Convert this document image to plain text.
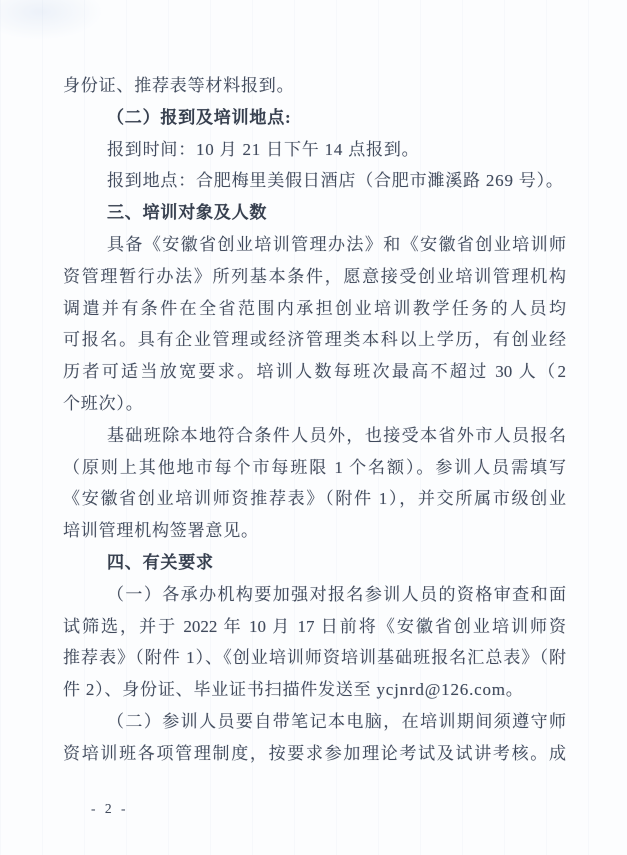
身份证、推荐表等材料报到。
（二）报到及培训地点:
报到时间：10 月 21 日下午 14 点报到。
报到地点：合肥梅里美假日酒店（合肥市濉溪路 269 号）。
三、培训对象及人数
具备《安徽省创业培训管理办法》和《安徽省创业培训师
资管理暂行办法》所列基本条件，愿意接受创业培训管理机构
调遣并有条件在全省范围内承担创业培训教学任务的人员均
可报名。具有企业管理或经济管理类本科以上学历，有创业经
历者可适当放宽要求。培训人数每班次最高不超过 30 人（2
个班次）。
基础班除本地符合条件人员外，也接受本省外市人员报名
（原则上其他地市每个市每班限 1 个名额）。参训人员需填写
《安徽省创业培训师资推荐表》（附件 1），并交所属市级创业
培训管理机构签署意见。
四、有关要求
（一）各承办机构要加强对报名参训人员的资格审查和面
试筛选，并于 2022 年 10 月 17 日前将《安徽省创业培训师资
推荐表》（附件 1）、《创业培训师资培训基础班报名汇总表》（附
件 2）、身份证、毕业证书扫描件发送至 ycjnrd@126.com。
（二）参训人员要自带笔记本电脑，在培训期间须遵守师
资培训班各项管理制度，按要求参加理论考试及试讲考核。成
- 2 -
